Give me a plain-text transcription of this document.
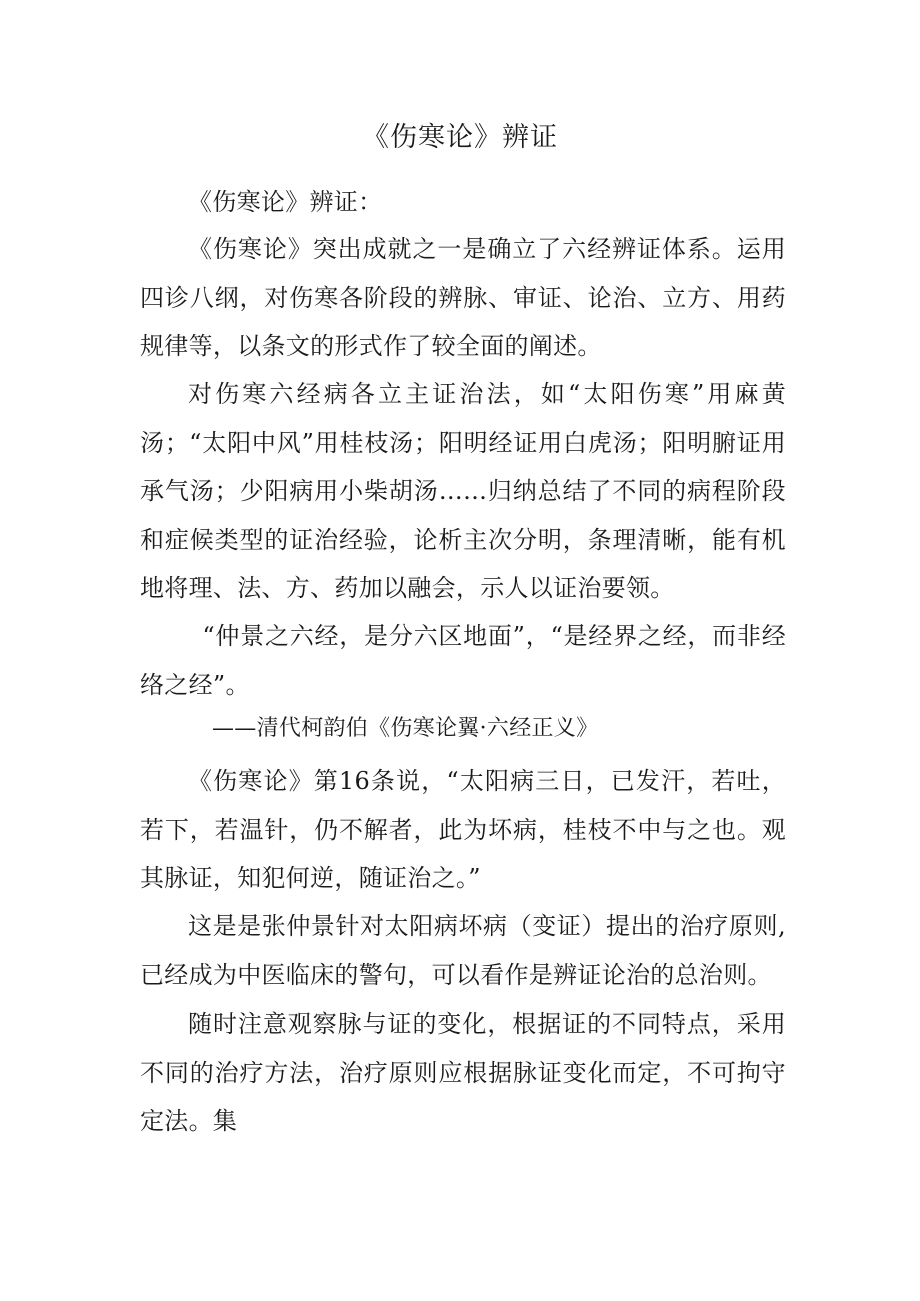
《伤寒论》辨证

《伤寒论》辨证：

《伤寒论》突出成就之一是确立了六经辨证体系。运用四诊八纲，对伤寒各阶段的辨脉、审证、论治、立方、用药规律等，以条文的形式作了较全面的阐述。

对伤寒六经病各立主证治法，如“太阳伤寒”用麻黄汤；“太阳中风”用桂枝汤；阳明经证用白虎汤；阳明腑证用承气汤；少阳病用小柴胡汤……归纳总结了不同的病程阶段和症候类型的证治经验，论析主次分明，条理清晰，能有机地将理、法、方、药加以融会，示人以证治要领。

“仲景之六经，是分六区地面”，“是经界之经，而非经络之经”。

——清代柯韵伯《伤寒论翼·六经正义》

《伤寒论》第16条说，“太阳病三日，已发汗，若吐，若下，若温针，仍不解者，此为坏病，桂枝不中与之也。观其脉证，知犯何逆，随证治之。”

这是是张仲景针对太阳病坏病（变证）提出的治疗原则,已经成为中医临床的警句，可以看作是辨证论治的总治则。

随时注意观察脉与证的变化，根据证的不同特点，采用不同的治疗方法，治疗原则应根据脉证变化而定，不可拘守定法。集
